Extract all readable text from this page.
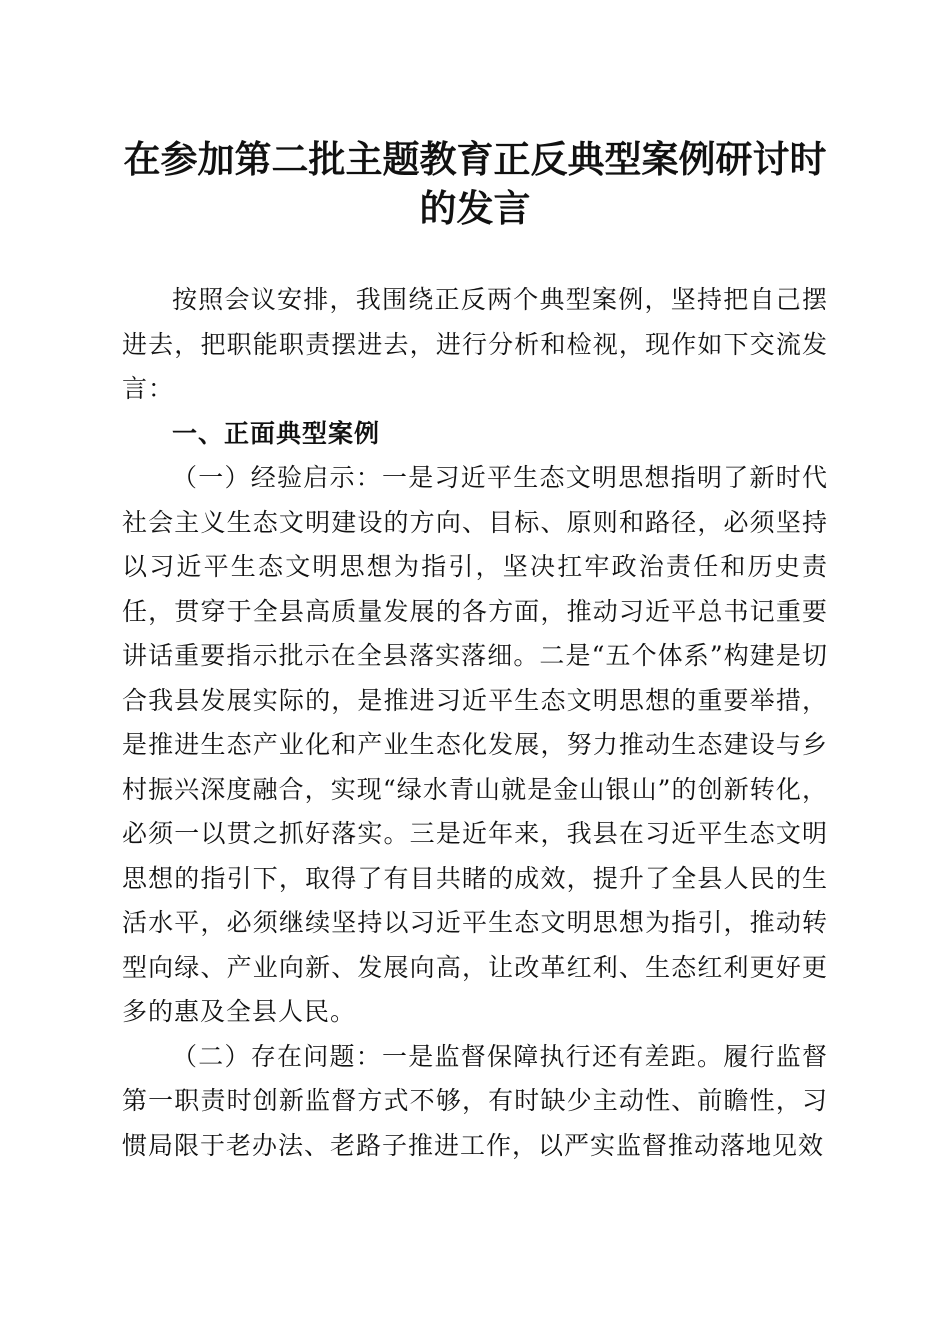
在参加第二批主题教育正反典型案例研讨时的发言

按照会议安排，我围绕正反两个典型案例，坚持把自己摆进去，把职能职责摆进去，进行分析和检视，现作如下交流发言：

一、正面典型案例

（一）经验启示：一是习近平生态文明思想指明了新时代社会主义生态文明建设的方向、目标、原则和路径，必须坚持以习近平生态文明思想为指引，坚决扛牢政治责任和历史责任，贯穿于全县高质量发展的各方面，推动习近平总书记重要讲话重要指示批示在全县落实落细。二是“五个体系”构建是切合我县发展实际的，是推进习近平生态文明思想的重要举措，是推进生态产业化和产业生态化发展，努力推动生态建设与乡村振兴深度融合，实现“绿水青山就是金山银山”的创新转化，必须一以贯之抓好落实。三是近年来，我县在习近平生态文明思想的指引下，取得了有目共睹的成效，提升了全县人民的生活水平，必须继续坚持以习近平生态文明思想为指引，推动转型向绿、产业向新、发展向高，让改革红利、生态红利更好更多的惠及全县人民。

（二）存在问题：一是监督保障执行还有差距。履行监督第一职责时创新监督方式不够，有时缺少主动性、前瞻性，习惯局限于老办法、老路子推进工作，以严实监督推动落地见效
